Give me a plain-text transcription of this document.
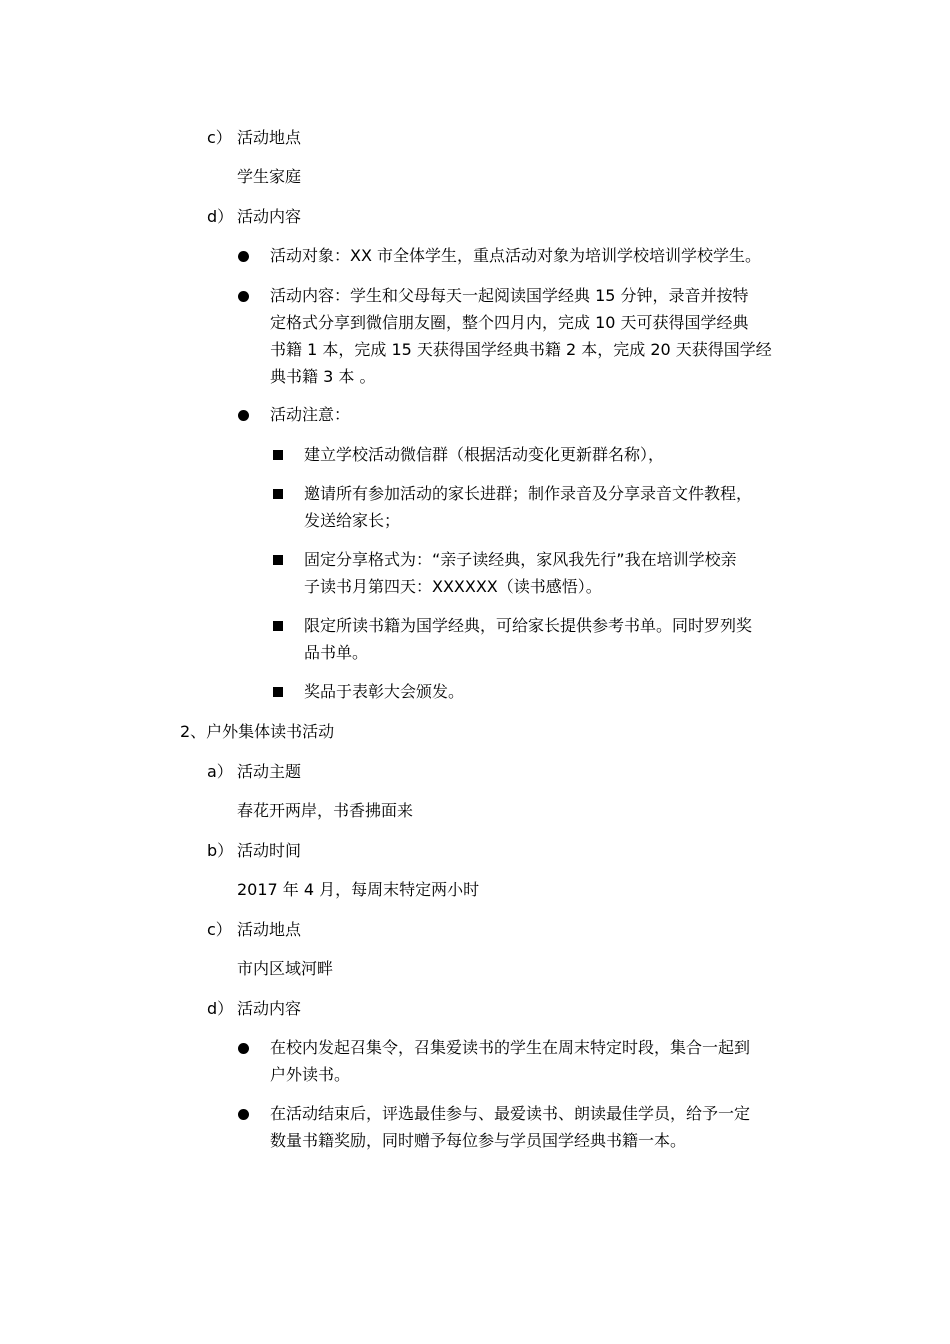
c） 活动地点
学生家庭
d） 活动内容
活动对象：XX 市全体学生，重点活动对象为培训学校培训学校学生。
活动内容：学生和父母每天一起阅读国学经典 15 分钟，录音并按特
定格式分享到微信朋友圈，整个四月内，完成 10 天可获得国学经典
书籍 1 本，完成 15 天获得国学经典书籍 2 本，完成 20 天获得国学经
典书籍 3 本 。
活动注意：
建立学校活动微信群（根据活动变化更新群名称），
邀请所有参加活动的家长进群；制作录音及分享录音文件教程，
发送给家长；
固定分享格式为：“亲子读经典，家风我先行”我在培训学校亲
子读书月第四天：XXXXXX（读书感悟）。
限定所读书籍为国学经典，可给家长提供参考书单。同时罗列奖
品书单。
奖品于表彰大会颁发。
2、户外集体读书活动
a） 活动主题
春花开两岸，书香拂面来
b） 活动时间
2017 年 4 月，每周末特定两小时
c） 活动地点
市内区域河畔
d） 活动内容
在校内发起召集令，召集爱读书的学生在周末特定时段，集合一起到
户外读书。
在活动结束后，评选最佳参与、最爱读书、朗读最佳学员，给予一定
数量书籍奖励，同时赠予每位参与学员国学经典书籍一本。
